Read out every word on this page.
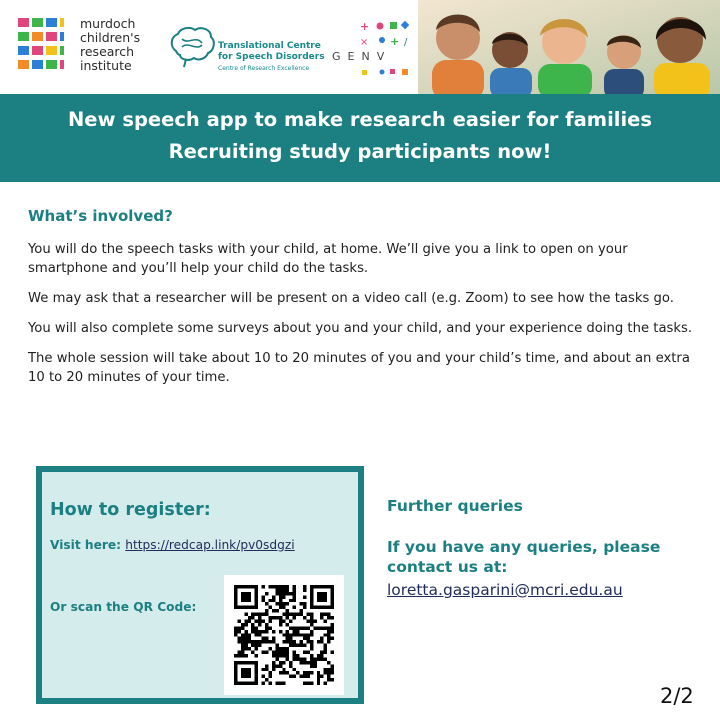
murdoch
children's
research
institute
Translational Centre
for Speech Disorders
Centre of Research Excellence
+
× + /
GENV
New speech app to make research easier for families
Recruiting study participants now!
What’s involved?

You will do the speech tasks with your child, at home. We’ll give you a link to open on your smartphone and you’ll help your child do the tasks.

We may ask that a researcher will be present on a video call (e.g. Zoom) to see how the tasks go.

You will also complete some surveys about you and your child, and your experience doing the tasks.

The whole session will take about 10 to 20 minutes of you and your child’s time, and about an extra 10 to 20 minutes of your time.

How to register:
Visit here: https://redcap.link/pv0sdgzi
Or scan the QR Code:
Further queries
If you have any queries, please contact us at:
loretta.gasparini@mcri.edu.au
2/2
